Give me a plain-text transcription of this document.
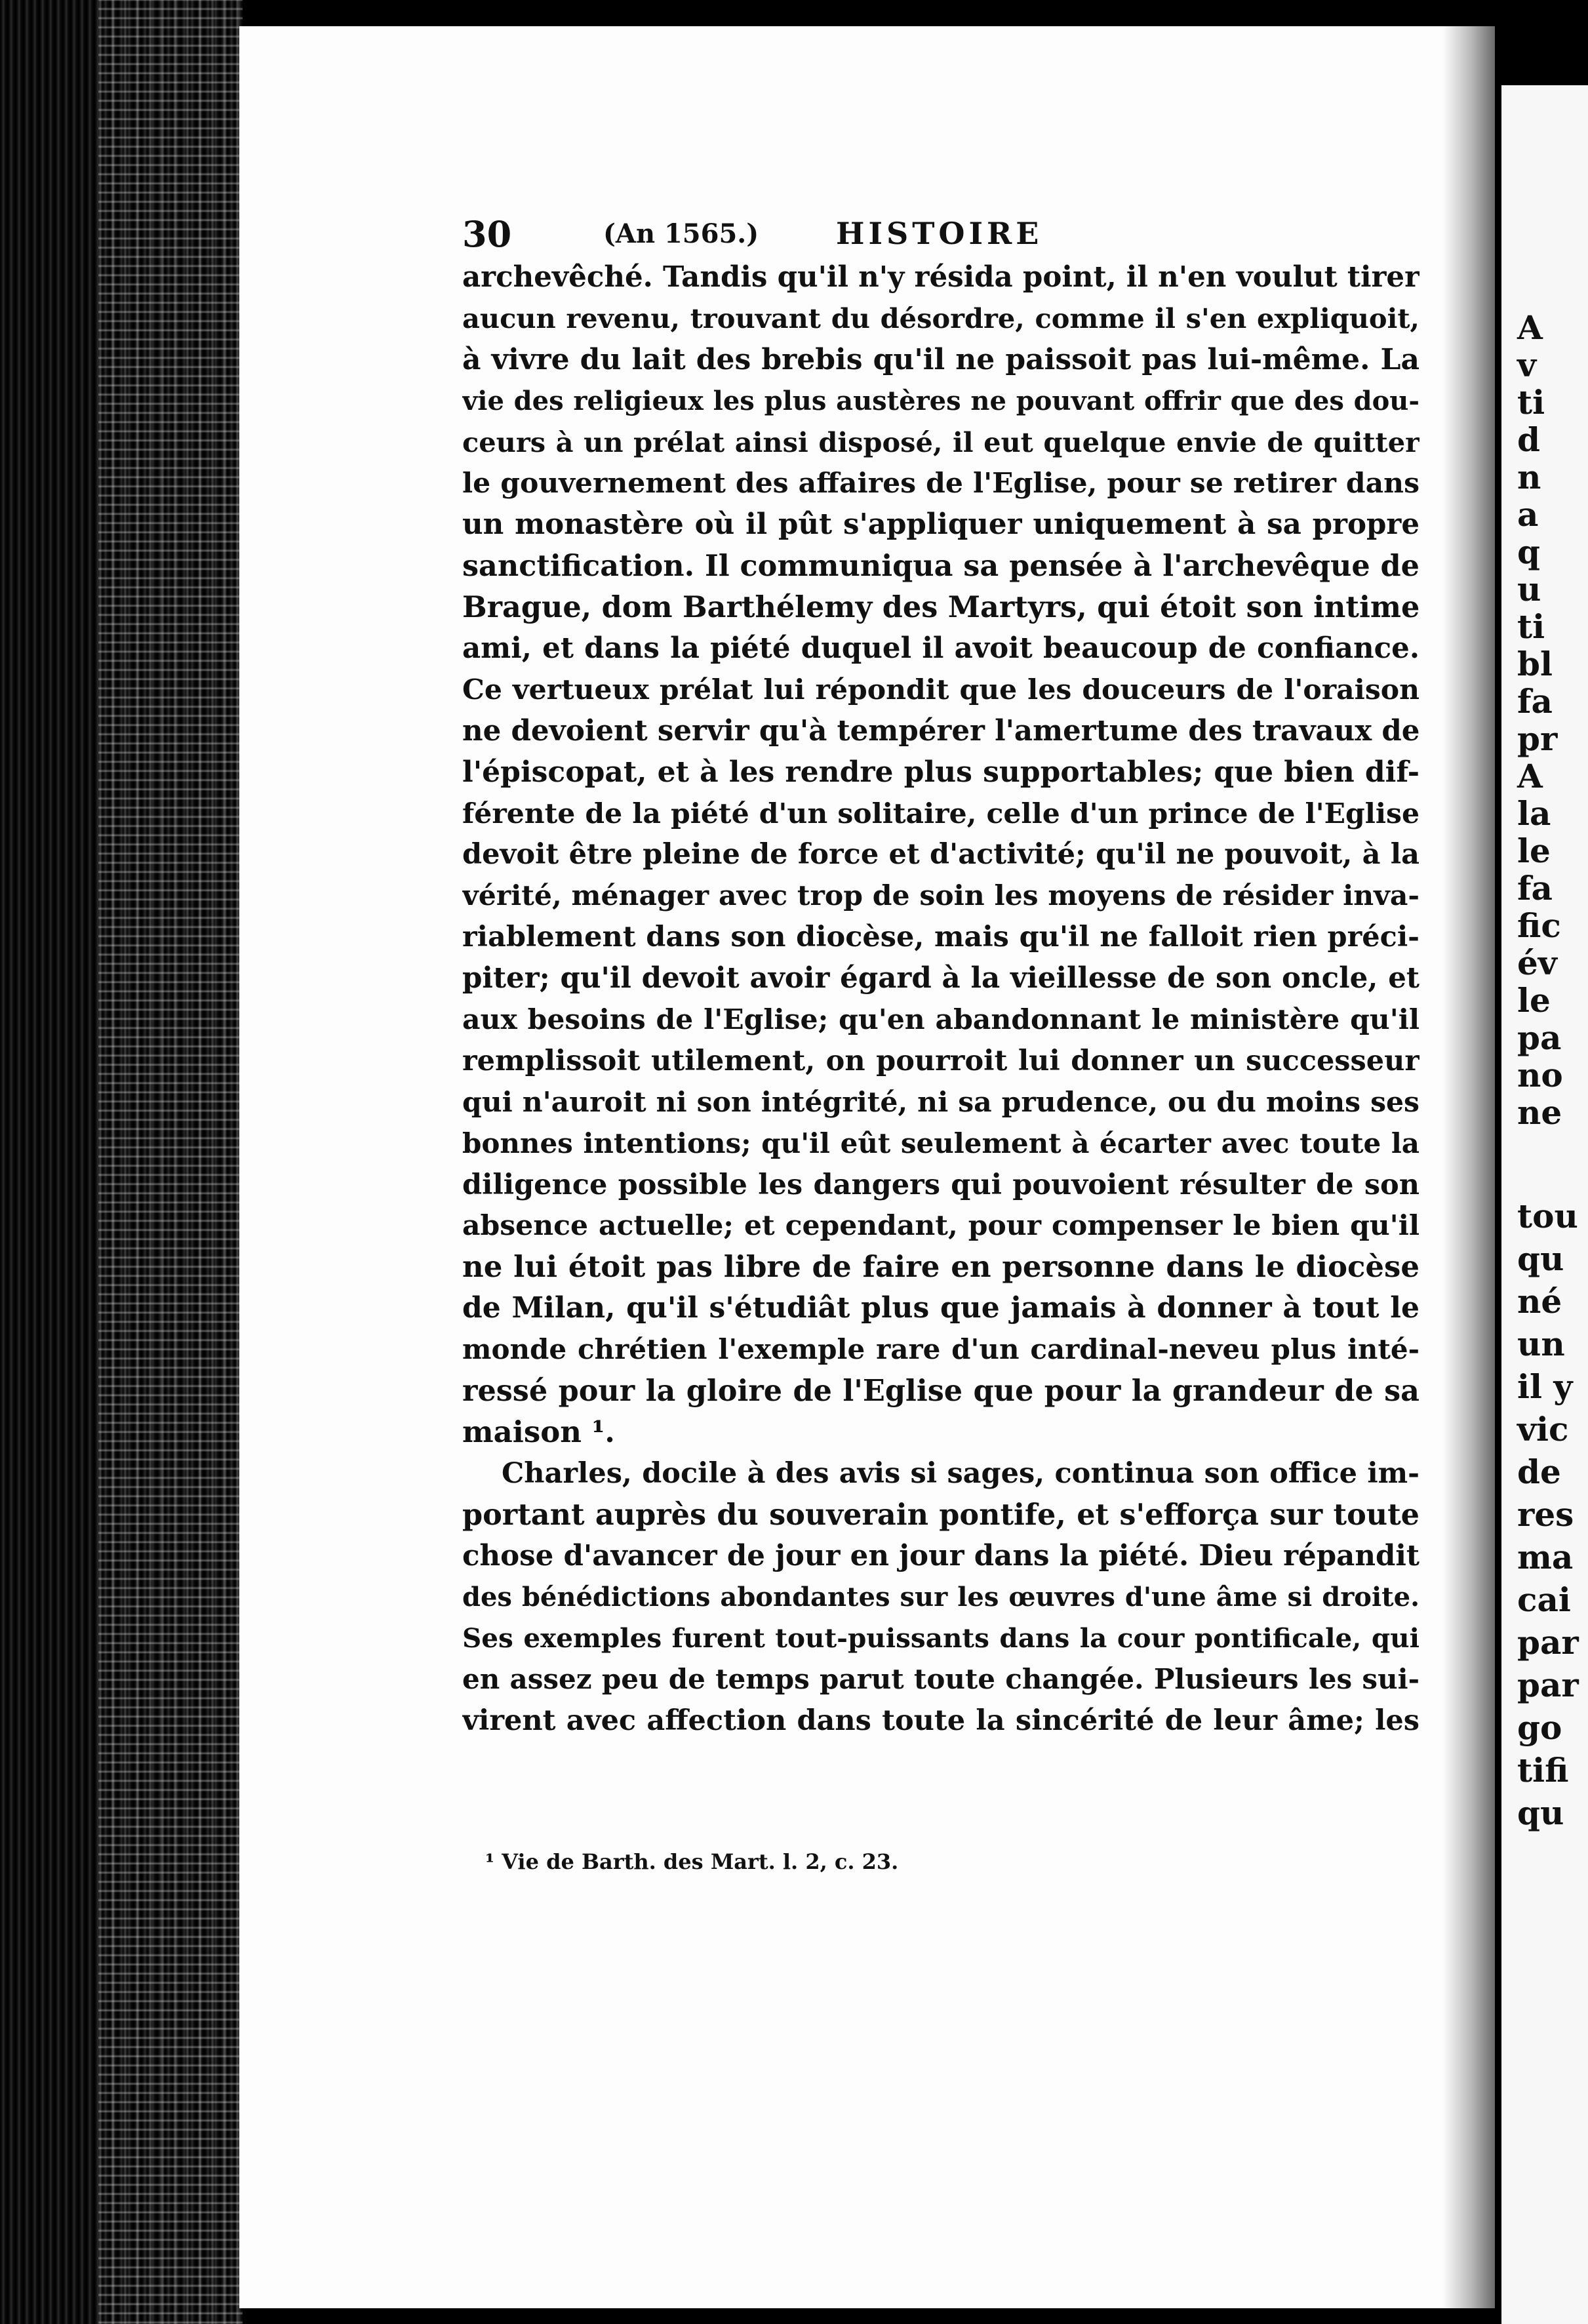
A
v
ti
d
n
a
q
u
ti
bl
fa
pr
A
la
le
fa
fic
év
le
pa
no
ne
tou
qu
né
un
il y
vic
de
res
ma
cai
par
par
go
tifi
qu
30	(An 1565.)	HISTOIRE
archevêché. Tandis qu'il n'y résida point, il n'en voulut tirer
aucun revenu, trouvant du désordre, comme il s'en expliquoit,
à vivre du lait des brebis qu'il ne paissoit pas lui-même. La
vie des religieux les plus austères ne pouvant offrir que des dou-
ceurs à un prélat ainsi disposé, il eut quelque envie de quitter
le gouvernement des affaires de l'Eglise, pour se retirer dans
un monastère où il pût s'appliquer uniquement à sa propre
sanctification. Il communiqua sa pensée à l'archevêque de
Brague, dom Barthélemy des Martyrs, qui étoit son intime
ami, et dans la piété duquel il avoit beaucoup de confiance.
Ce vertueux prélat lui répondit que les douceurs de l'oraison
ne devoient servir qu'à tempérer l'amertume des travaux de
l'épiscopat, et à les rendre plus supportables; que bien dif-
férente de la piété d'un solitaire, celle d'un prince de l'Eglise
devoit être pleine de force et d'activité; qu'il ne pouvoit, à la
vérité, ménager avec trop de soin les moyens de résider inva-
riablement dans son diocèse, mais qu'il ne falloit rien préci-
piter; qu'il devoit avoir égard à la vieillesse de son oncle, et
aux besoins de l'Eglise; qu'en abandonnant le ministère qu'il
remplissoit utilement, on pourroit lui donner un successeur
qui n'auroit ni son intégrité, ni sa prudence, ou du moins ses
bonnes intentions; qu'il eût seulement à écarter avec toute la
diligence possible les dangers qui pouvoient résulter de son
absence actuelle; et cependant, pour compenser le bien qu'il
ne lui étoit pas libre de faire en personne dans le diocèse
de Milan, qu'il s'étudiât plus que jamais à donner à tout le
monde chrétien l'exemple rare d'un cardinal-neveu plus inté-
ressé pour la gloire de l'Eglise que pour la grandeur de sa
maison ¹.
Charles, docile à des avis si sages, continua son office im-
portant auprès du souverain pontife, et s'efforça sur toute
chose d'avancer de jour en jour dans la piété. Dieu répandit
des bénédictions abondantes sur les œuvres d'une âme si droite.
Ses exemples furent tout-puissants dans la cour pontificale, qui
en assez peu de temps parut toute changée. Plusieurs les sui-
virent avec affection dans toute la sincérité de leur âme; les
¹ Vie de Barth. des Mart. l. 2, c. 23.
